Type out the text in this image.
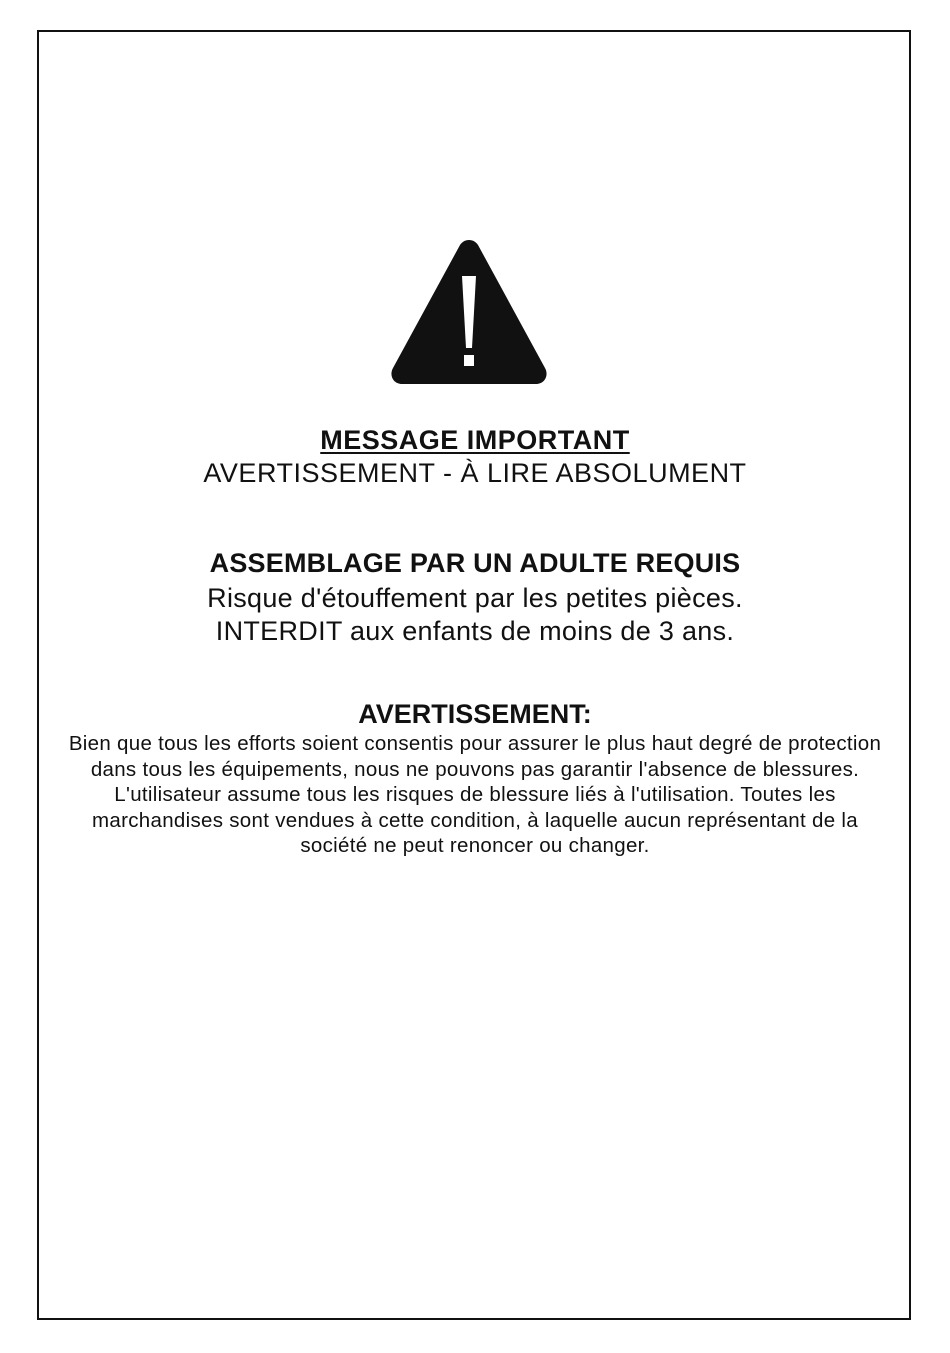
MESSAGE IMPORTANT
AVERTISSEMENT - À LIRE ABSOLUMENT
ASSEMBLAGE PAR UN ADULTE REQUIS
Risque d'étouffement par les petites pièces.
INTERDIT aux enfants de moins de 3 ans.
AVERTISSEMENT:

Bien que tous les efforts soient consentis pour assurer le plus haut degré de protection dans tous les équipements, nous ne pouvons pas garantir l'absence de blessures. L'utilisateur assume tous les risques de blessure liés à l'utilisation. Toutes les marchandises sont vendues à cette condition, à laquelle aucun représentant de la société ne peut renoncer ou changer.
